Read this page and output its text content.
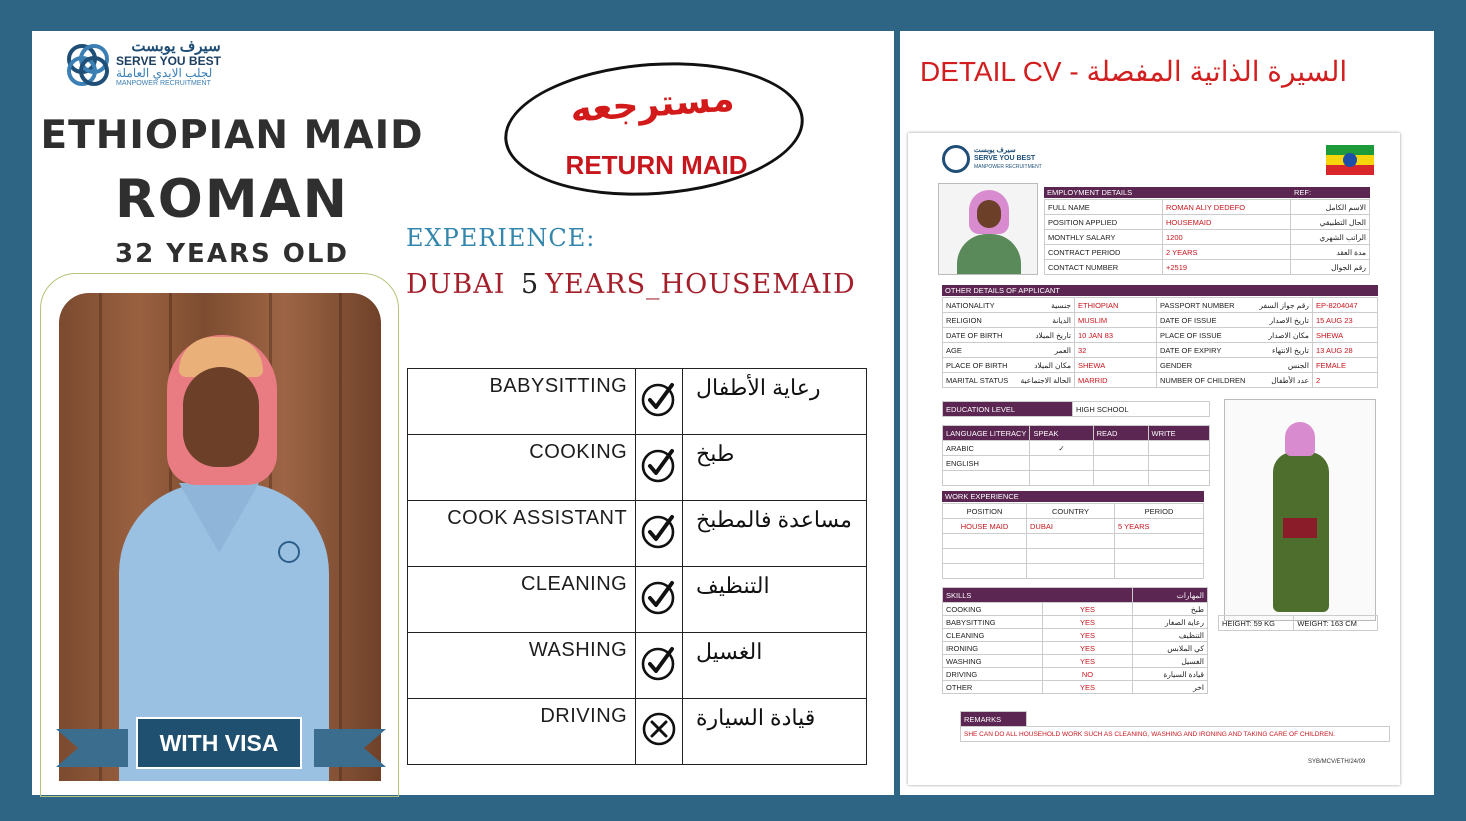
سيرف يوبست
SERVE YOU BEST
لجلب الايدي العاملة
MANPOWER RECRUITMENT
ETHIOPIAN MAID
ROMAN
32 YEARS OLD
WITH VISA
مسترجعه
RETURN MAID
EXPERIENCE:
DUBAI 5 YEARS_HOUSEMAID
BABYSITTING		رعاية الأطفال
COOKING		طبخ
COOK ASSISTANT		مساعدة فالمطبخ
CLEANING		التنظيف
WASHING		الغسيل
DRIVING		قيادة السيارة
DETAIL CV - السيرة الذاتية المفصلة
سيرف يوبست
SERVE YOU BEST
MANPOWER RECRUITMENT
EMPLOYMENT DETAILS	REF:
FULL NAME	ROMAN ALIY DEDEFO	الاسم الكامل
POSITION APPLIED	HOUSEMAID	الحال التطبيقي
MONTHLY SALARY	1200	الراتب الشهري
CONTRACT PERIOD	2 YEARS	مدة العقد
CONTACT NUMBER	+2519	رقم الجوال
OTHER DETAILS OF APPLICANT
NATIONALITY	جنسية	ETHIOPIAN	PASSPORT NUMBER	رقم جواز السفر	EP-8204047
RELIGION	الديانة	MUSLIM	DATE OF ISSUE	تاريخ الاصدار	15 AUG 23
DATE OF BIRTH	تاريخ الميلاد	10 JAN 83	PLACE OF ISSUE	مكان الاصدار	SHEWA
AGE	العمر	32	DATE OF EXPIRY	تاريخ الانتهاء	13 AUG 28
PLACE OF BIRTH	مكان الميلاد	SHEWA	GENDER	الجنس	FEMALE
MARITAL STATUS	الحالة الاجتماعية	MARRID	NUMBER OF CHILDREN	عدد الأطفال	2
EDUCATION LEVEL	HIGH SCHOOL
LANGUAGE LITERACY	SPEAK	READ	WRITE
ARABIC	✓		
ENGLISH			

WORK EXPERIENCE
POSITION	COUNTRY	PERIOD
HOUSE MAID	DUBAI	5 YEARS

SKILLS		المهارات
COOKING	YES	طبخ
BABYSITTING	YES	رعاية الصغار
CLEANING	YES	التنظيف
IRONING	YES	كي الملابس
WASHING	YES	الغسيل
DRIVING	NO	قيادة السيارة
OTHER	YES	اخر
HEIGHT: 59 KG	WEIGHT: 163 CM
REMARKS	
SHE CAN DO ALL HOUSEHOLD WORK SUCH AS CLEANING, WASHING AND IRONING AND TAKING CARE OF CHILDREN.
SYB/MCV/ETH/24/09
